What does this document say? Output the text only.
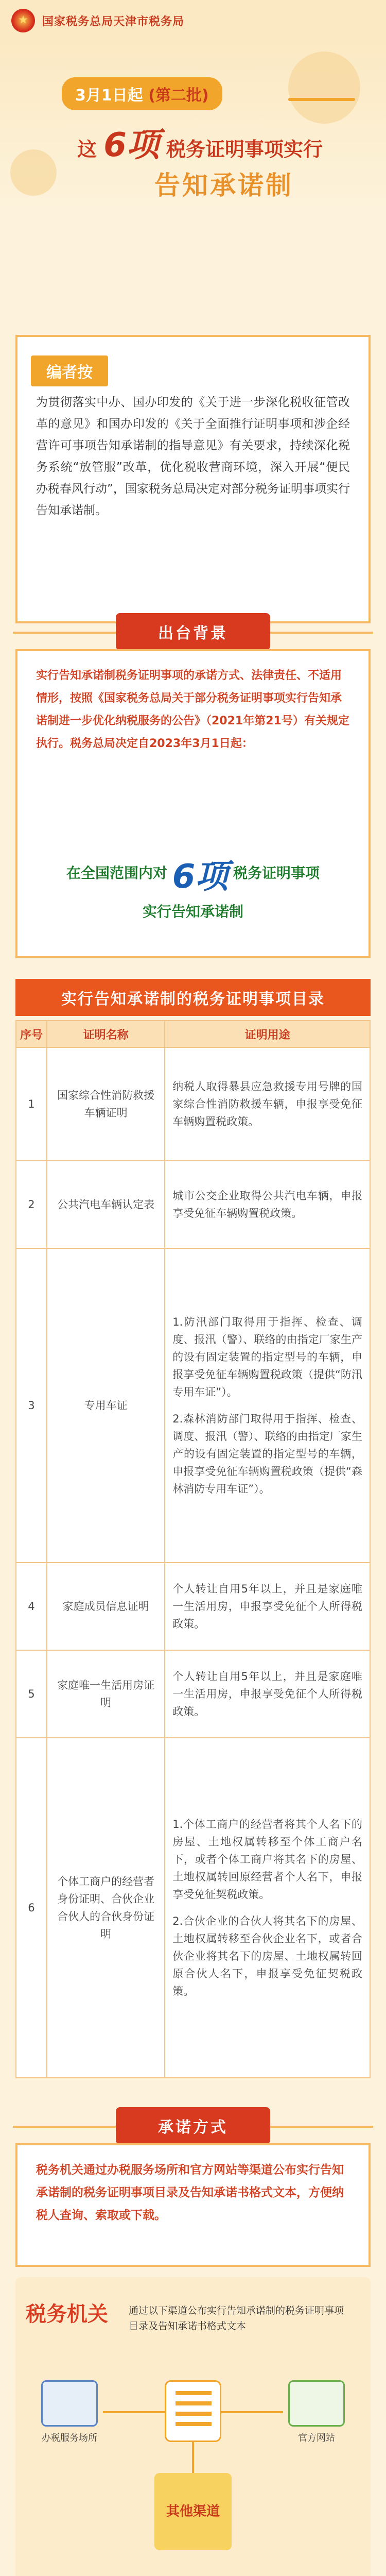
★
国家税务总局天津市税务局
3月1日起 (第二批)
这 6项 税务证明事项实行
告知承诺制
编者按
为贯彻落实中办、国办印发的《关于进一步深化税收征管改革的意见》和国办印发的《关于全面推行证明事项和涉企经营许可事项告知承诺制的指导意见》有关要求，持续深化税务系统“放管服”改革，优化税收营商环境，深入开展“便民办税春风行动”，国家税务总局决定对部分税务证明事项实行告知承诺制。
出台背景
实行告知承诺制税务证明事项的承诺方式、法律责任、不适用情形，按照《国家税务总局关于部分税务证明事项实行告知承诺制进一步优化纳税服务的公告》（2021年第21号）有关规定执行。税务总局决定自2023年3月1日起：
在全国范围内对 6项 税务证明事项
实行告知承诺制
实行告知承诺制的税务证明事项目录
序号	证明名称	证明用途
1	国家综合性消防救援车辆证明	纳税人取得暴县应急救援专用号牌的国家综合性消防救援车辆，申报享受免征车辆购置税政策。
2	公共汽电车辆认定表	城市公交企业取得公共汽电车辆，申报享受免征车辆购置税政策。
3	专用车证	1.防汛部门取得用于指挥、检查、调度、报汛（警）、联络的由指定厂家生产的设有固定装置的指定型号的车辆，申报享受免征车辆购置税政策（提供“防汛专用车证”）。
2.森林消防部门取得用于指挥、检查、调度、报汛（警）、联络的由指定厂家生产的设有固定装置的指定型号的车辆，申报享受免征车辆购置税政策（提供“森林消防专用车证”）。

4	家庭成员信息证明	个人转让自用5年以上，并且是家庭唯一生活用房，申报享受免征个人所得税政策。
5	家庭唯一生活用房证明	个人转让自用5年以上，并且是家庭唯一生活用房，申报享受免征个人所得税政策。
6	个体工商户的经营者身份证明、合伙企业合伙人的合伙身份证明	1.个体工商户的经营者将其个人名下的房屋、土地权属转移至个体工商户名下，或者个体工商户将其名下的房屋、土地权属转回原经营者个人名下，申报享受免征契税政策。
2.合伙企业的合伙人将其名下的房屋、土地权属转移至合伙企业名下，或者合伙企业将其名下的房屋、土地权属转回原合伙人名下，申报享受免征契税政策。
承诺方式
税务机关通过办税服务场所和官方网站等渠道公布实行告知承诺制的税务证明事项目录及告知承诺书格式文本，方便纳税人查询、索取或下载。
税务机关 通过以下渠道公布实行告知承诺制的税务证明事项目录及告知承诺书格式文本
办税服务场所	官方网站
其他渠道
